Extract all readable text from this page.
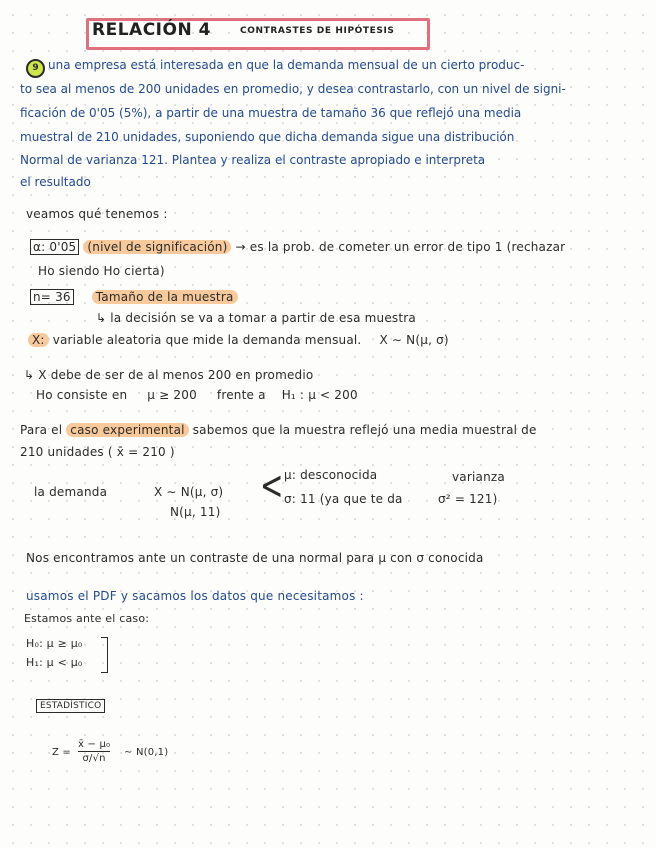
RELACIÓN 4	CONTRASTES DE HIPÓTESIS
9 una empresa está interesada en que la demanda mensual de un cierto produc-
to sea al menos de 200 unidades en promedio, y desea contrastarlo, con un nivel de signi-
ficación de 0'05 (5%), a partir de una muestra de tamaño 36 que reflejó una media
muestral de 210 unidades, suponiendo que dicha demanda sigue una distribución
Normal de varianza 121. Plantea y realiza el contraste apropiado e interpreta
el resultado
veamos qué tenemos :
α: 0'05 (nivel de significación) → es la prob. de cometer un error de tipo 1 (rechazar
Ho siendo Ho cierta)
n= 36 Tamaño de la muestra
↳ la decisión se va a tomar a partir de esa muestra
X: variable aleatoria que mide la demanda mensual. X ∼ N(μ, σ)
↳ X debe de ser de al menos 200 en promedio
Ho consiste en μ ≥ 200 frente a H₁ : μ < 200
Para el caso experimental sabemos que la muestra reflejó una media muestral de
210 unidades ( x̄ = 210 )
la demanda	X ∼ N(μ, σ)
N(μ, 11)
< μ: desconocida
σ: 11 (ya que te da	σ² = 121)
varianza
Nos encontramos ante un contraste de una normal para μ con σ conocida
usamos el PDF y sacamos los datos que necesitamos :
Estamos ante el caso:
H₀: μ ≥ μ₀
H₁: μ < μ₀
ESTADÍSTICO
Z =
x̄ − μ₀
σ/√n
∼ N(0,1)
